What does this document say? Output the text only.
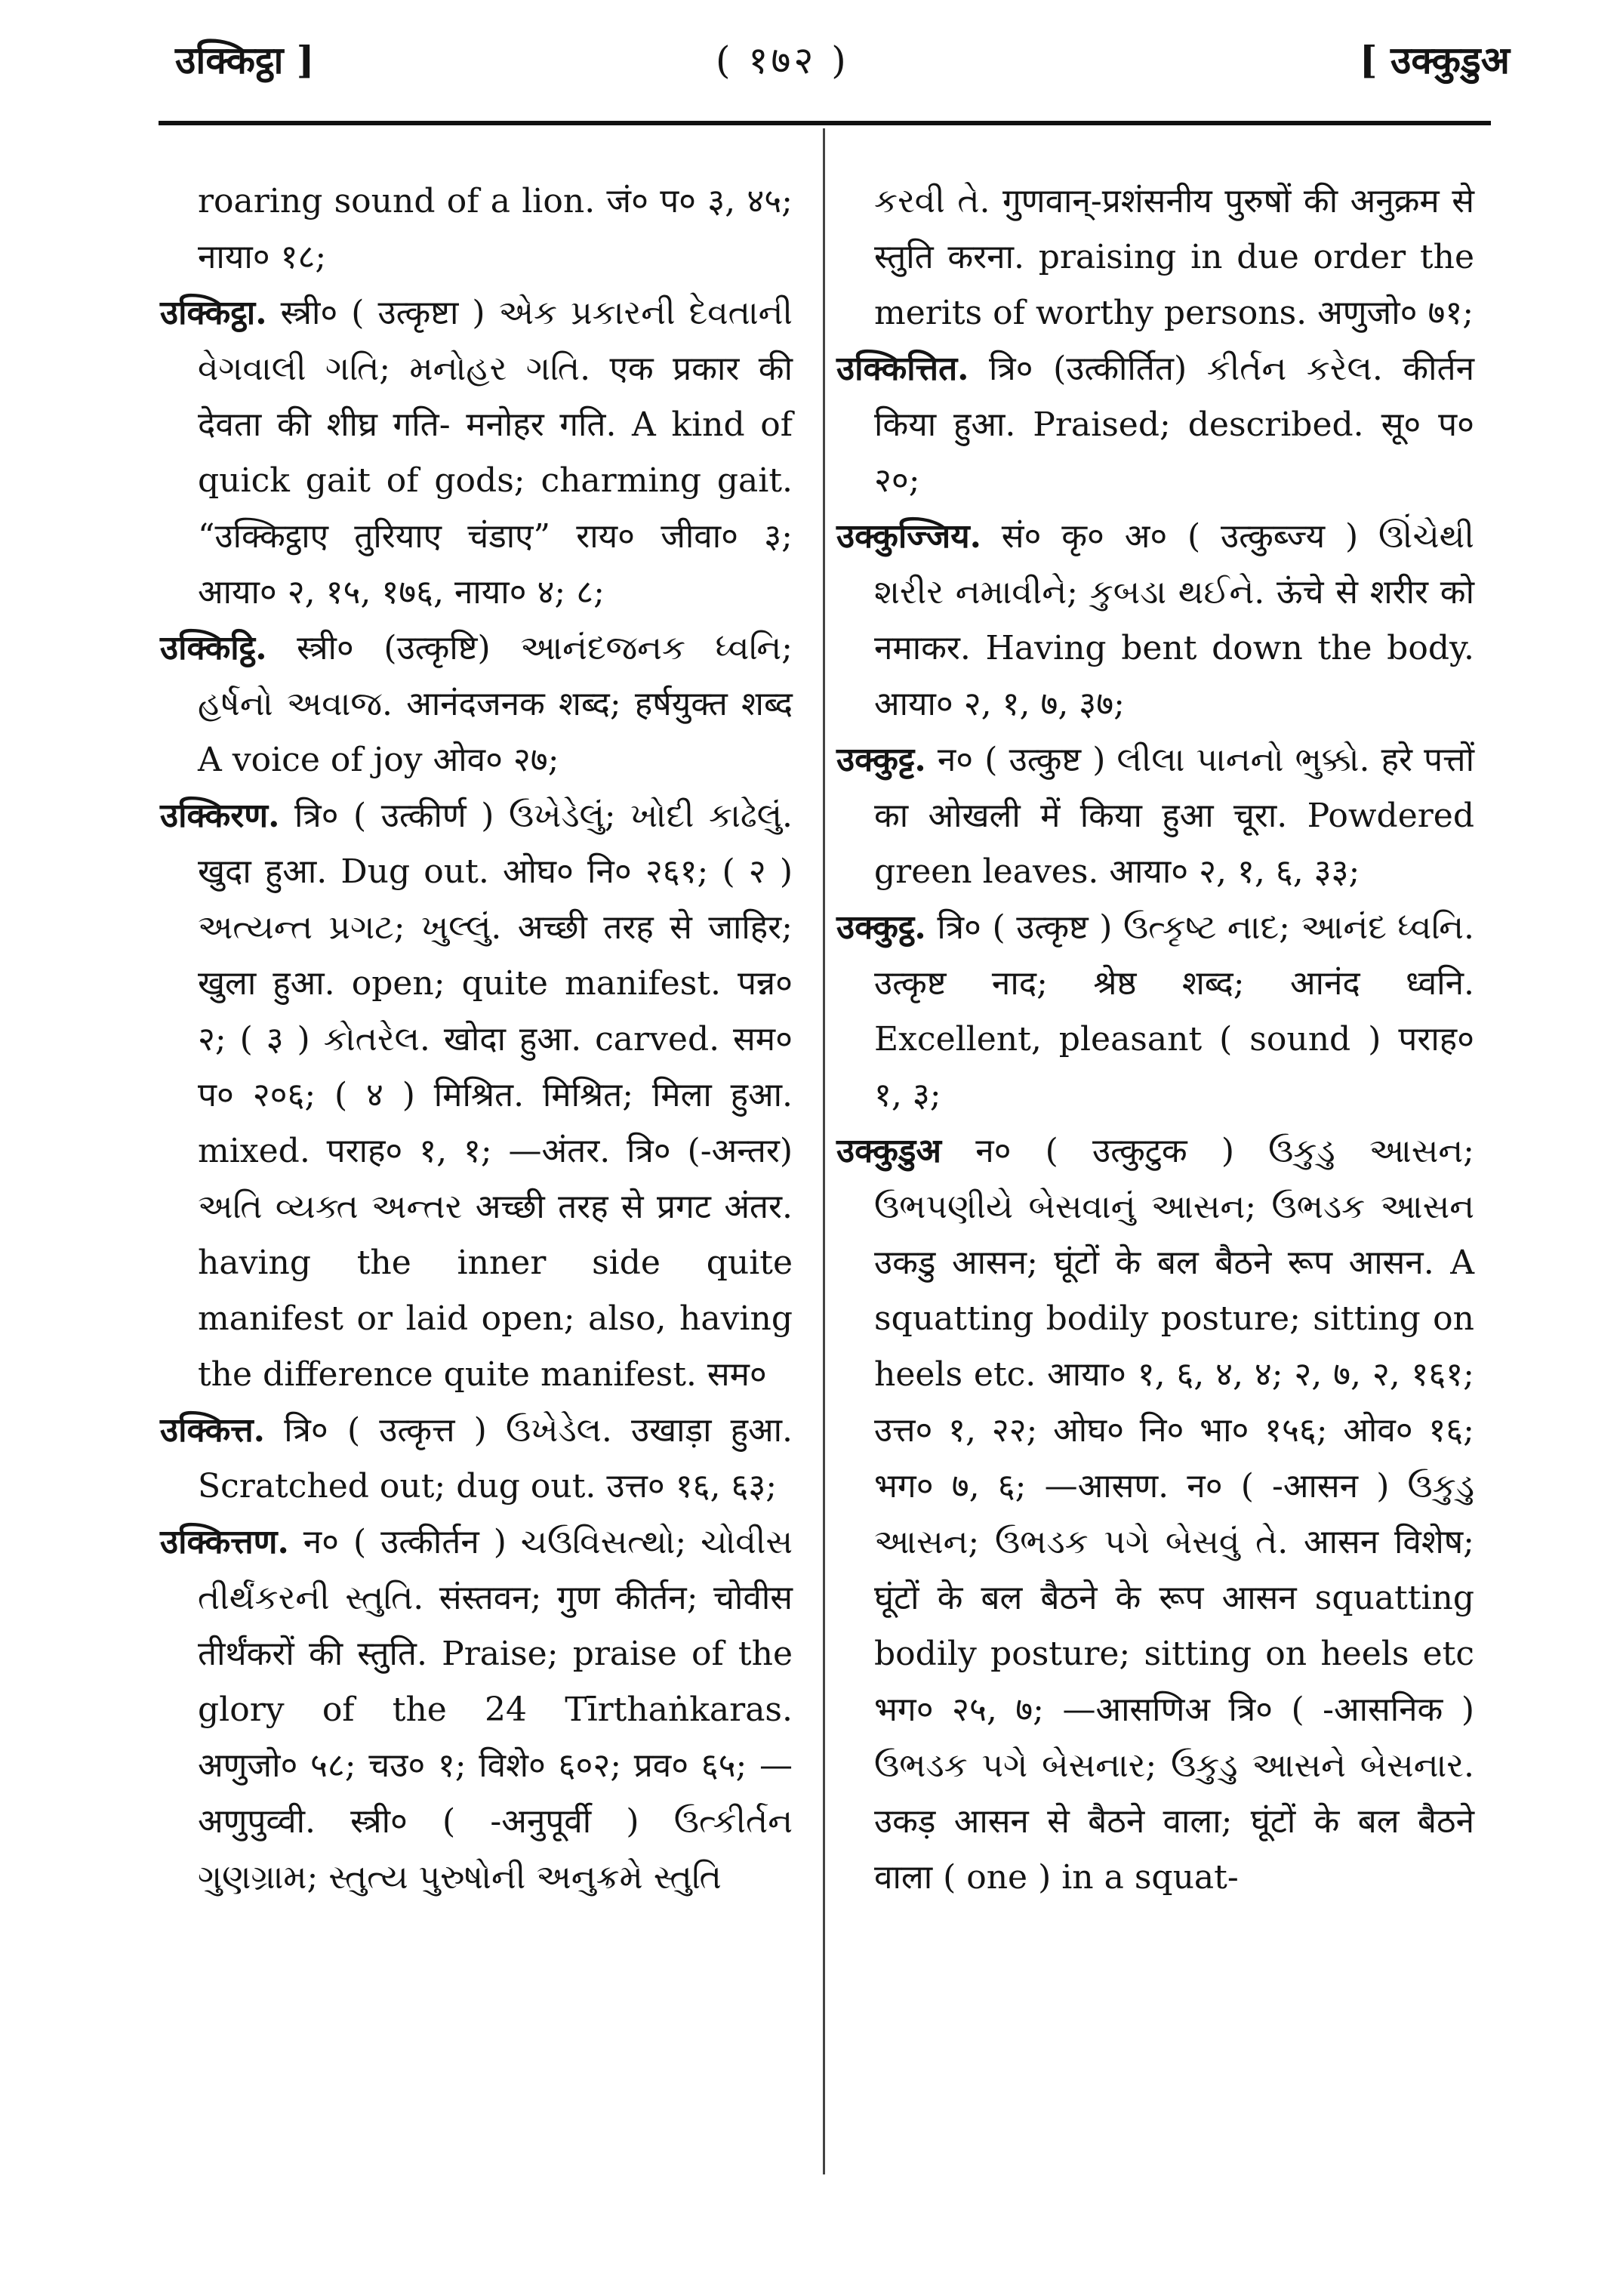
उक्किट्ठा ]	( १७२ )	[ उक्कुडुअ

roaring sound of a lion. जं० प० ३, ४५; नाया० १८;

उक्किट्ठा. स्त्री० ( उत्कृष्टा ) એક પ્રકારની દેવતાની વેગવાલી ગતિ; મનોહર ગતિ. एक प्रकार की देवता की शीघ्र गति- मनोहर गति. A kind of quick gait of gods; charming gait. “उक्किट्ठाए तुरियाए चंडाए” राय० जीवा० ३; आया० २, १५, १७६, नाया० ४; ८;

उक्किट्ठि. स्त्री० (उत्कृष्टि) આનંદજનક ધ્વનિ; હર્ષનો અવાજ. आनंदजनक शब्द; हर्षयुक्त शब्द A voice of joy ओव० २७;

उक्किरण. त्रि० ( उत्कीर्ण ) ઉખેડેલું; ખોદી કાઢેલું. खुदा हुआ. Dug out. ओघ० नि० २६१; ( २ ) અત્યન્ત પ્રગટ; ખુલ્લું. अच्छी तरह से जाहिर; खुला हुआ. open; quite manifest. पन्न० २; ( ३ ) કોતરેલ. खोदा हुआ. carved. सम० प० २०६; ( ४ ) मिश्रित. मिश्रित; मिला हुआ. mixed. पराह० १, १; —अंतर. त्रि० (-अन्तर) અતિ વ્યક્ત અન્તર अच्छी तरह से प्रगट अंतर. having the inner side quite manifest or laid open; also, having the difference quite manifest. सम०

उक्कित्त. त्रि० ( उत्कृत्त ) ઉખેડેલ. उखाड़ा हुआ. Scratched out; dug out. उत्त० १६, ६३;

उक्कित्तण. न० ( उत्कीर्तन ) ચઉવિસત્થો; ચોવીસ તીર્થંકરની સ્તુતિ. संस्तवन; गुण कीर्तन; चोवीस तीर्थंकरों की स्तुति. Praise; praise of the glory of the 24 Tīrthaṅkaras. अणुजो० ५८; चउ० १; विशे० ६०२; प्रव० ६५; —अणुपुव्वी. स्त्री० ( -अनुपूर्वी ) ઉત્કીર્તન ગુણગ્રામ; સ્તુત્ય પુરુષોની અનુક્રમે સ્તુતિ

કરવી તે. गुणवान्-प्रशंसनीय पुरुषों की अनुक्रम से स्तुति करना. praising in due order the merits of worthy persons. अणुजो० ७१;

उक्कित्तित. त्रि० (उत्कीर्तित) કીર્તન કરેલ. कीर्तन किया हुआ. Praised; described. सू० प० २०;

उक्कुज्जिय. सं० कृ० अ० ( उत्कुब्ज्य ) ઊંચેથી શરીર નમાવીને; કુબડા થઈને. ऊंचे से शरीर को नमाकर. Having bent down the body. आया० २, १, ७, ३७;

उक्कुट्ट. न० ( उत्कुष्ट ) લીલા પાનનો ભુક્કો. हरे पत्तों का ओखली में किया हुआ चूरा. Powdered green leaves. आया० २, १, ६, ३३;

उक्कुट्ठ. त्रि० ( उत्कृष्ट ) ઉત્કૃષ્ટ નાદ; આનંદ ધ્વનિ. उत्कृष्ट नाद; श्रेष्ठ शब्द; आनंद ध्वनि. Excellent, pleasant ( sound ) पराह० १, ३;

उक्कुडुअ न० ( उत्कुटुक ) ઉકુડુ આસન; ઉભપણીયે બેસવાનું આસન; ઉભડક આસન उकडु आसन; घूंटों के बल बैठने रूप आसन. A squatting bodily posture; sitting on heels etc. आया० १, ६, ४, ४; २, ७, २, १६१; उत्त० १, २२; ओघ० नि० भा० १५६; ओव० १६; भग० ७, ६; —आसण. न० ( -आसन ) ઉકુડુ આસન; ઉભડક પગે બેસવું તે. आसन विशेष; घूंटों के बल बैठने के रूप आसन squatting bodily posture; sitting on heels etc भग० २५, ७; —आसणिअ त्रि० ( -आसनिक ) ઉભડક પગે બેસનાર; ઉકુડુ આસને બેસનાર. उकड़ आसन से बैठने वाला; घूंटों के बल बैठने वाला ( one ) in a squat-
